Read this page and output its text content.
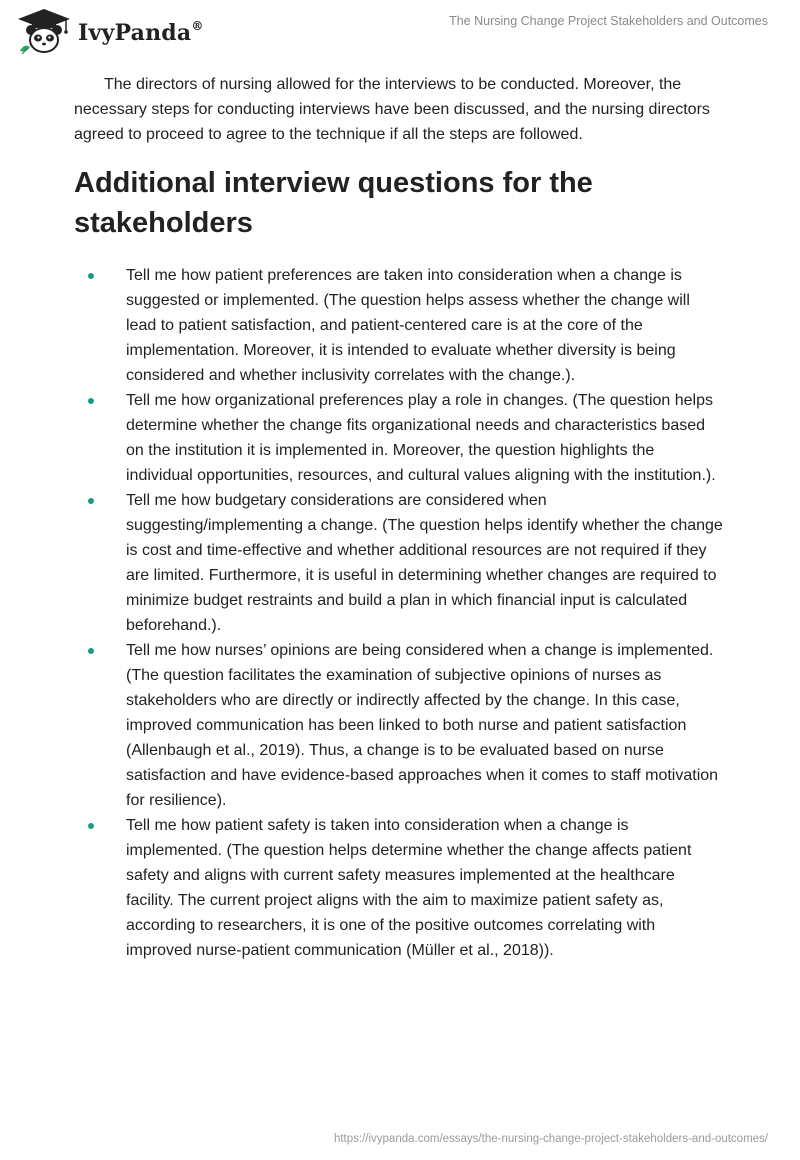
IvyPanda®	The Nursing Change Project Stakeholders and Outcomes

The directors of nursing allowed for the interviews to be conducted. Moreover, the necessary steps for conducting interviews have been discussed, and the nursing directors agreed to proceed to agree to the technique if all the steps are followed.

Additional interview questions for the stakeholders
Tell me how patient preferences are taken into consideration when a change is suggested or implemented. (The question helps assess whether the change will lead to patient satisfaction, and patient-centered care is at the core of the implementation. Moreover, it is intended to evaluate whether diversity is being considered and whether inclusivity correlates with the change.).
Tell me how organizational preferences play a role in changes. (The question helps determine whether the change fits organizational needs and characteristics based on the institution it is implemented in. Moreover, the question highlights the individual opportunities, resources, and cultural values aligning with the institution.).
Tell me how budgetary considerations are considered when suggesting/implementing a change. (The question helps identify whether the change is cost and time-effective and whether additional resources are not required if they are limited. Furthermore, it is useful in determining whether changes are required to minimize budget restraints and build a plan in which financial input is calculated beforehand.).
Tell me how nurses’ opinions are being considered when a change is implemented. (The question facilitates the examination of subjective opinions of nurses as stakeholders who are directly or indirectly affected by the change. In this case, improved communication has been linked to both nurse and patient satisfaction (Allenbaugh et al., 2019). Thus, a change is to be evaluated based on nurse satisfaction and have evidence-based approaches when it comes to staff motivation for resilience).
Tell me how patient safety is taken into consideration when a change is implemented. (The question helps determine whether the change affects patient safety and aligns with current safety measures implemented at the healthcare facility. The current project aligns with the aim to maximize patient safety as, according to researchers, it is one of the positive outcomes correlating with improved nurse-patient communication (Müller et al., 2018)).
https://ivypanda.com/essays/the-nursing-change-project-stakeholders-and-outcomes/
